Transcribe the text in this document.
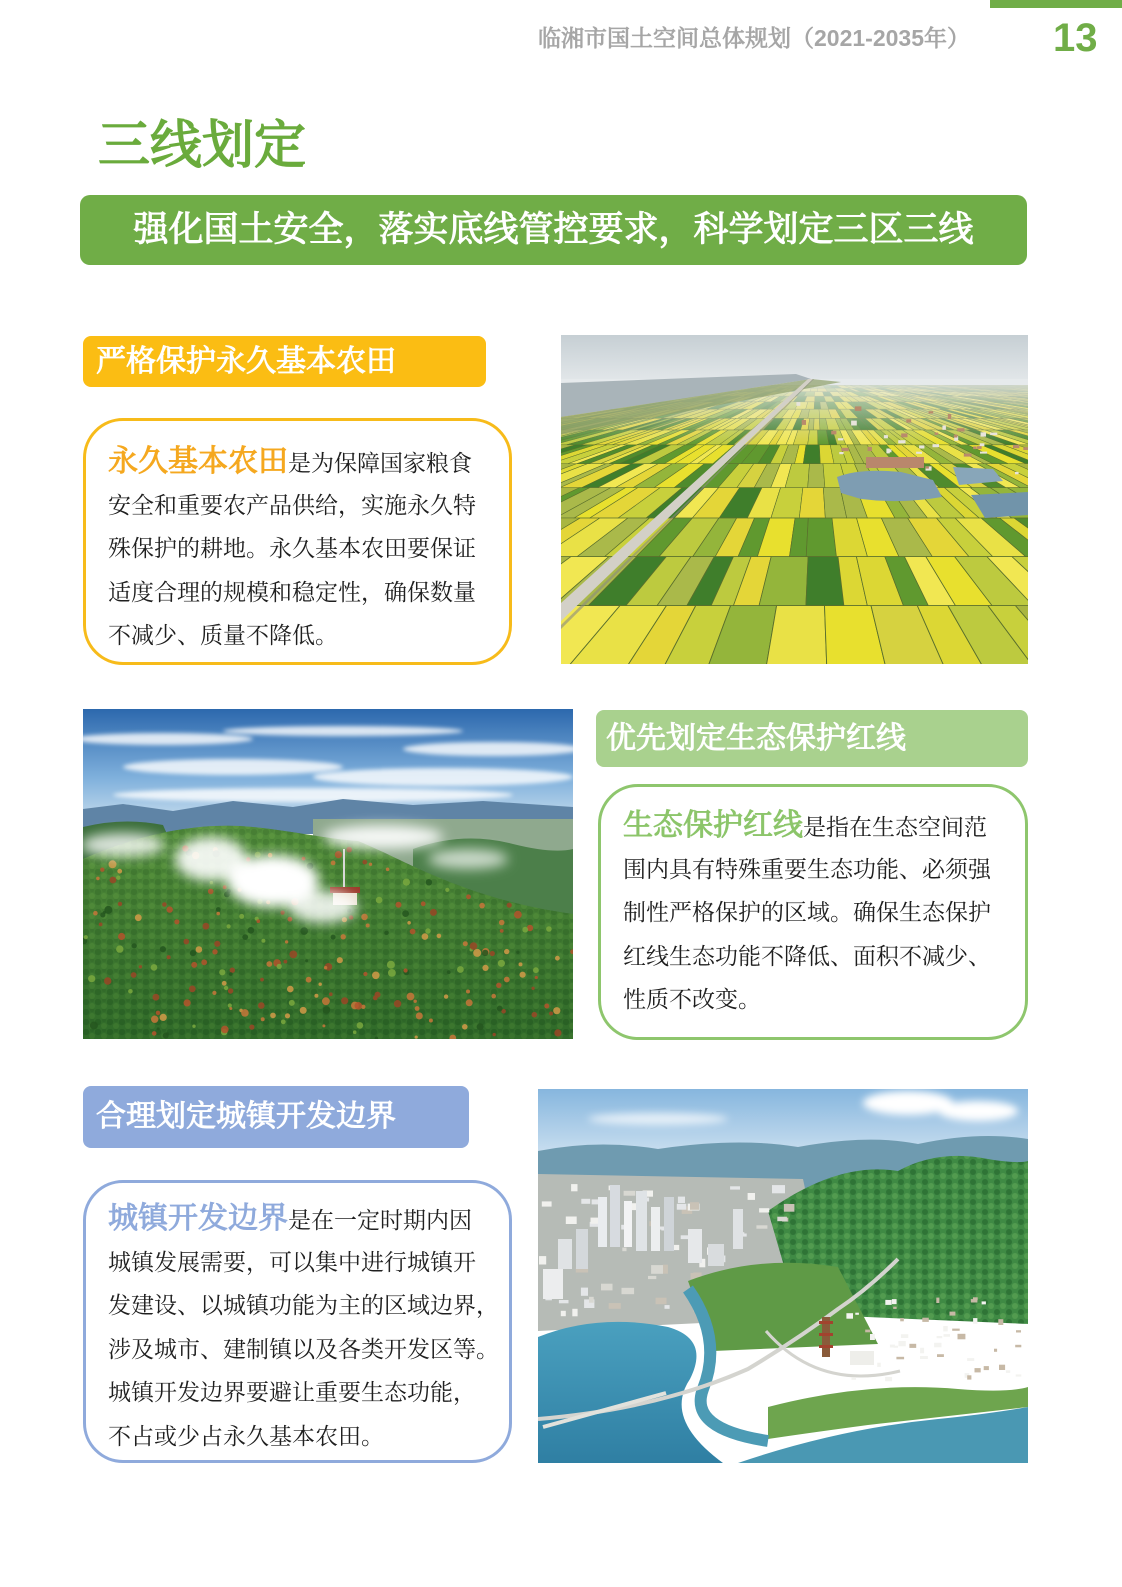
临湘市国土空间总体规划（2021-2035年） 13
三线划定
强化国土安全，落实底线管控要求，科学划定三区三线
严格保护永久基本农田
永久基本农田是为保障国家粮食
安全和重要农产品供给，实施永久特
殊保护的耕地。永久基本农田要保证
适度合理的规模和稳定性，确保数量
不减少、质量不降低。
优先划定生态保护红线
生态保护红线是指在生态空间范
围内具有特殊重要生态功能、必须强
制性严格保护的区域。确保生态保护
红线生态功能不降低、面积不减少、
性质不改变。
合理划定城镇开发边界
城镇开发边界是在一定时期内因
城镇发展需要，可以集中进行城镇开
发建设、以城镇功能为主的区域边界，
涉及城市、建制镇以及各类开发区等。
城镇开发边界要避让重要生态功能，
不占或少占永久基本农田。
